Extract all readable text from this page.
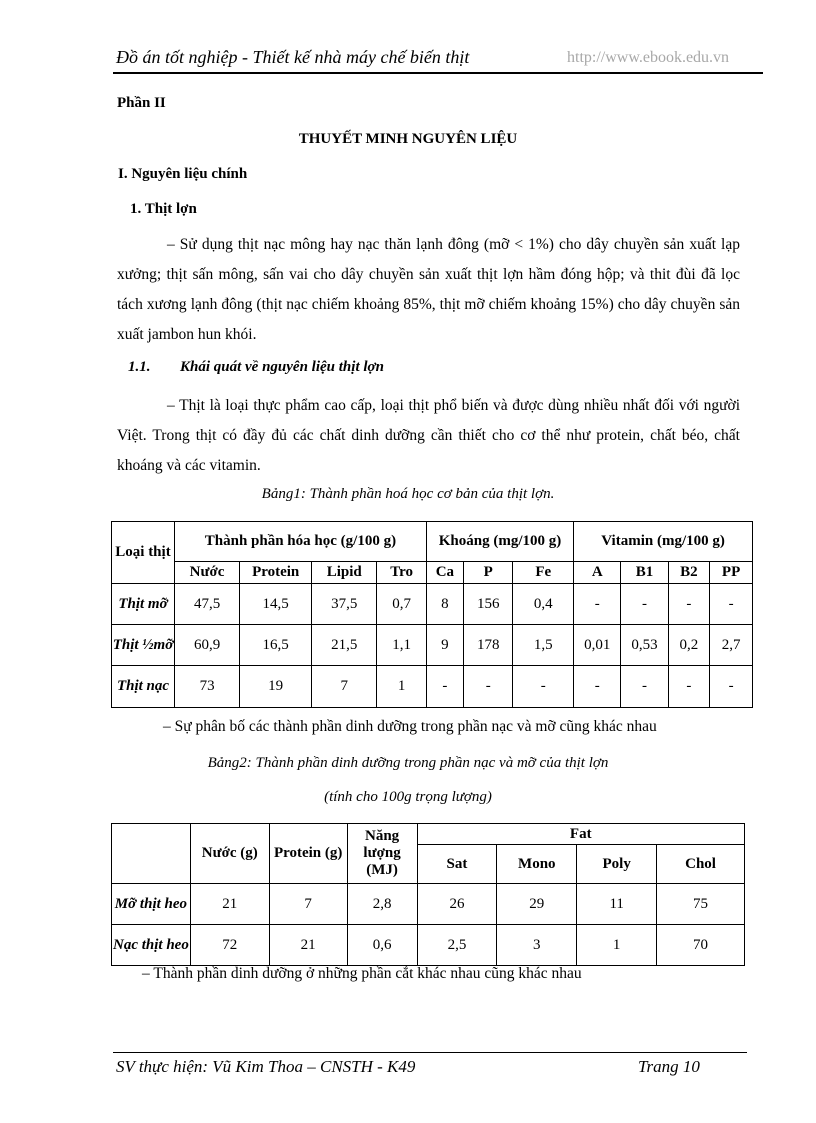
Đồ án tốt nghiệp - Thiết kế nhà máy chế biến thịt	http://www.ebook.edu.vn
Phần II
THUYẾT MINH NGUYÊN LIỆU
I. Nguyên liệu chính
1. Thịt lợn
– Sử dụng thịt nạc mông hay nạc thăn lạnh đông (mỡ < 1%) cho dây chuyền sản xuất lạp xưởng; thịt sấn mông, sấn vai cho dây chuyền sản xuất thịt lợn hầm đóng hộp; và thit đùi đã lọc tách xương lạnh đông (thịt nạc chiếm khoảng 85%, thịt mỡ chiếm khoảng 15%) cho dây chuyền sản xuất jambon hun khói.
1.1. Khái quát về nguyên liệu thịt lợn
– Thịt là loại thực phẩm cao cấp, loại thịt phổ biến và được dùng nhiều nhất đối với người Việt. Trong thịt có đầy đủ các chất dinh dưỡng cần thiết cho cơ thể như protein, chất béo, chất khoáng và các vitamin.
Bảng1: Thành phần hoá học cơ bản của thịt lợn.
Loại thịt	Thành phần hóa học (g/100 g)				Khoáng (mg/100 g)			Vitamin (mg/100 g)			
	Nước	Protein	Lipid	Tro	Ca	P	Fe	A	B1	B2	PP
Thịt mỡ	47,5	14,5	37,5	0,7	8	156	0,4	-	-	-	-
Thịt ½mỡ	60,9	16,5	21,5	1,1	9	178	1,5	0,01	0,53	0,2	2,7
Thịt nạc	73	19	7	1	-	-	-	-	-	-	-
– Sự phân bố các thành phần dinh dưỡng trong phần nạc và mỡ cũng khác nhau
Bảng2: Thành phần dinh dưỡng trong phần nạc và mỡ của thịt lợn
(tính cho 100g trọng lượng)
	Nước (g)	Protein (g)	Năng lượng (MJ)	Fat			
				Sat	Mono	Poly	Chol
Mỡ thịt heo	21	7	2,8	26	29	11	75
Nạc thịt heo	72	21	0,6	2,5	3	1	70
– Thành phần dinh dưỡng ở những phần cắt khác nhau cũng khác nhau
SV thực hiện: Vũ Kim Thoa – CNSTH - K49	Trang 10
